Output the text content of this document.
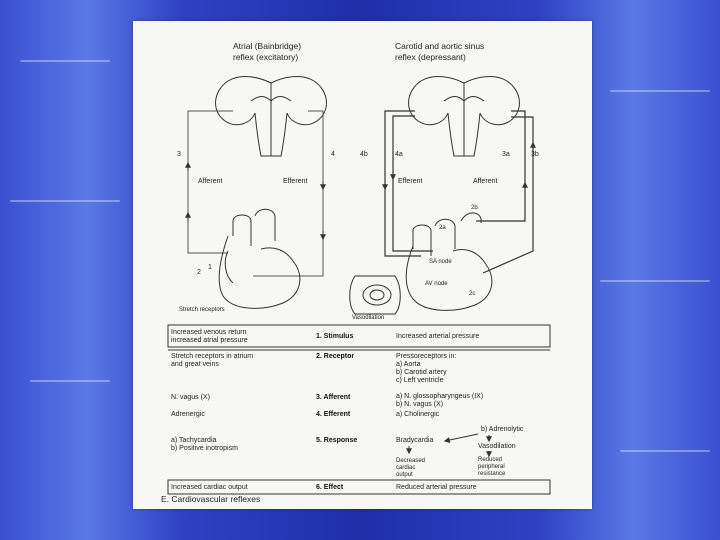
Atrial (Bainbridge)
reflex (excitatory)
Carotid and aortic sinus
reflex (depressant)
3	4
Afferent	Efferent
1
2
Stretch receptors
4b	4a	3a	3b
Efferent	Afferent
2b
2a
SA node
AV node
2c
Vasodilation
Increased venous return
increased atrial pressure
1. Stimulus	Increased arterial pressure
Stretch receptors in atrium
and great veins
2. Receptor	Pressoreceptors in:
a) Aorta
b) Carotid artery
c) Left ventricle
N. vagus (X)	3. Afferent	a) N. glossopharyngeus (IX)
b) N. vagus (X)
Adrenergic	4. Efferent	a) Cholinergic
a) Tachycardia
b) Positive inotropism
5. Response	Bradycardia
b) Adrenolytic
Vasodilation
Decreased
cardiac
output
Reduced
peripheral
resistance
Increased cardiac output	6. Effect	Reduced arterial pressure
E. Cardiovascular reflexes
